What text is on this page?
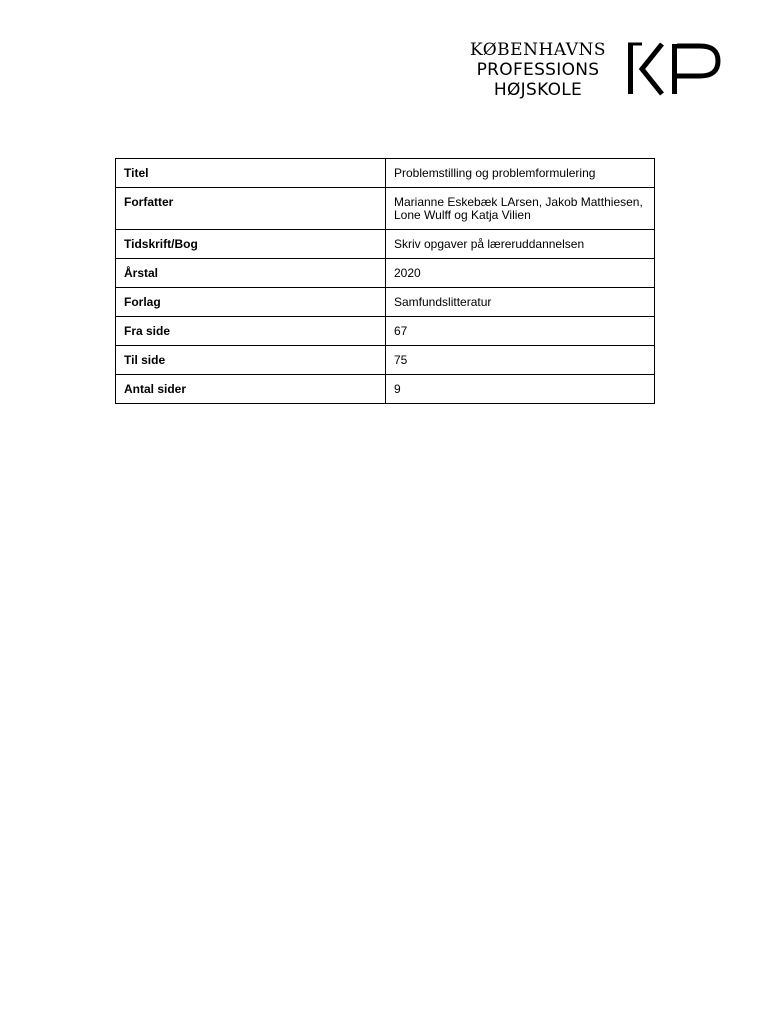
KØBENHAVNS
PROFESSIONS
HØJSKOLE
Titel	Problemstilling og problemformulering
Forfatter	Marianne Eskebæk LArsen, Jakob Matthiesen, Lone Wulff og Katja Vilien
Tidskrift/Bog	Skriv opgaver på læreruddannelsen
Årstal	2020
Forlag	Samfundslitteratur
Fra side	67
Til side	75
Antal sider	9
